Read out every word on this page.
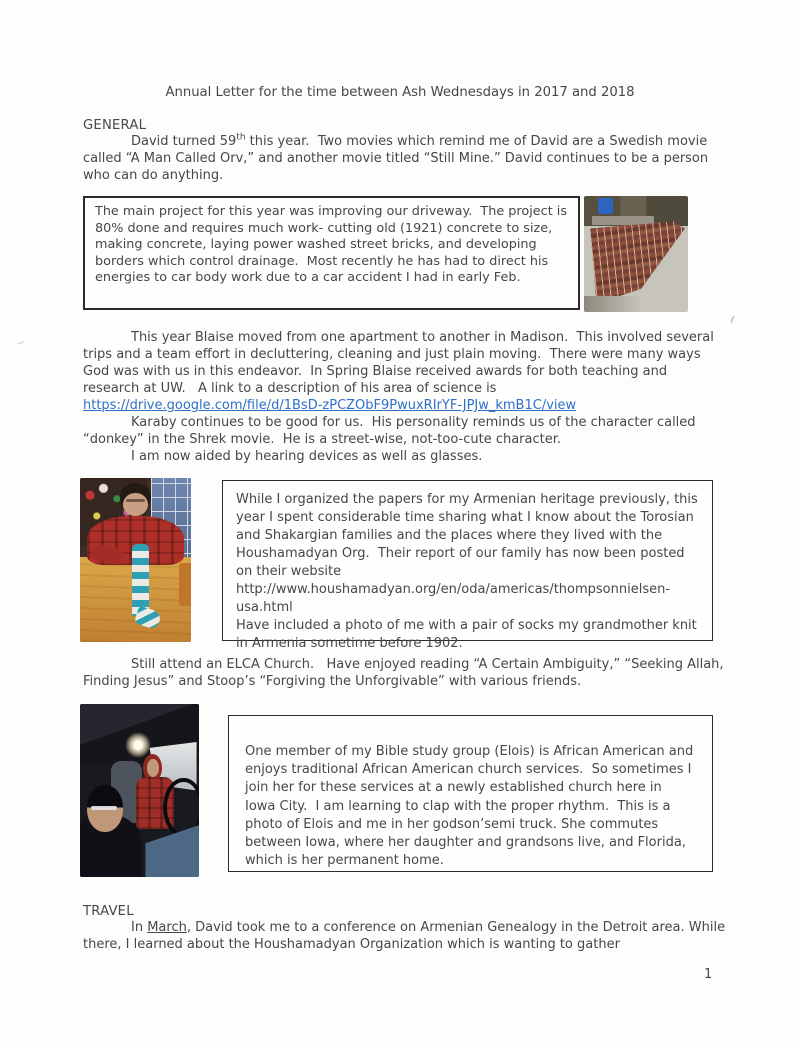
Annual Letter for the time between Ash Wednesdays in 2017 and 2018
GENERAL
David turned 59th this year.  Two movies which remind me of David are a Swedish movie called “A Man Called Orv,” and another movie titled “Still Mine.” David continues to be a person who can do anything.
The main project for this year was improving our driveway.  The project is 80% done and requires much work- cutting old (1921) concrete to size, making concrete, laying power washed street bricks, and developing borders which control drainage.  Most recently he has had to direct his energies to car body work due to a car accident I had in early Feb.
This year Blaise moved from one apartment to another in Madison.  This involved several trips and a team effort in decluttering, cleaning and just plain moving.  There were many ways God was with us in this endeavor.  In Spring Blaise received awards for both teaching and research at UW.   A link to a description of his area of science is
https://drive.google.com/file/d/1BsD-zPCZObF9PwuxRIrYF-JPJw_kmB1C/view
Karaby continues to be good for us.  His personality reminds us of the character called “donkey” in the Shrek movie.  He is a street-wise, not-too-cute character.
I am now aided by hearing devices as well as glasses.
While I organized the papers for my Armenian heritage previously, this year I spent considerable time sharing what I know about the Torosian and Shakargian families and the places where they lived with the Houshamadyan Org.  Their report of our family has now been posted on their website
http://www.houshamadyan.org/en/oda/americas/thompsonnielsen-usa.html
Have included a photo of me with a pair of socks my grandmother knit in Armenia sometime before 1902.
Still attend an ELCA Church.   Have enjoyed reading “A Certain Ambiguity,” “Seeking Allah, Finding Jesus” and Stoop’s “Forgiving the Unforgivable” with various friends.
One member of my Bible study group (Elois) is African American and enjoys traditional African American church services.  So sometimes I join her for these services at a newly established church here in Iowa City.  I am learning to clap with the proper rhythm.  This is a photo of Elois and me in her godson’semi truck. She commutes between Iowa, where her daughter and grandsons live, and Florida, which is her permanent home.
TRAVEL
In March, David took me to a conference on Armenian Genealogy in the Detroit area. While there, I learned about the Houshamadyan Organization which is wanting to gather
1
